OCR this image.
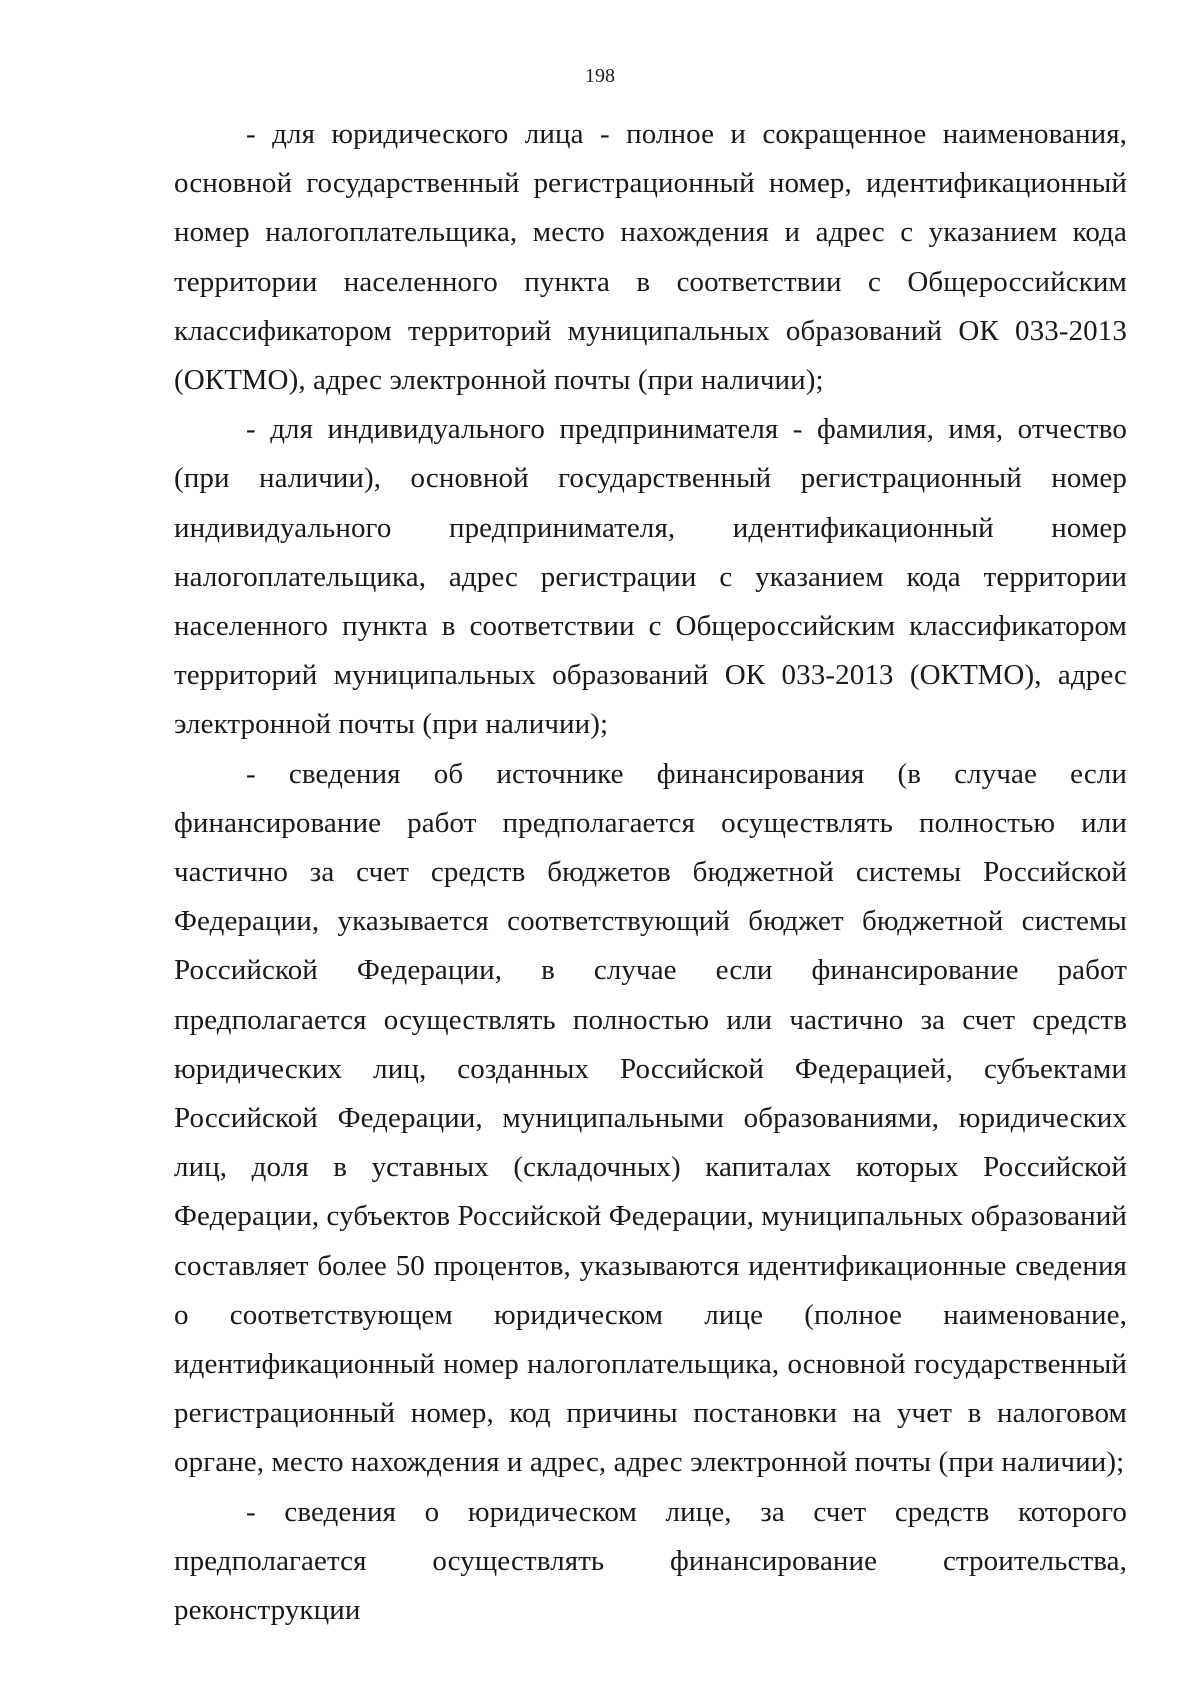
198

- для юридического лица - полное и сокращенное наименования, основной государственный регистрационный номер, идентификационный номер налогоплательщика, место нахождения и адрес с указанием кода территории населенного пункта в соответствии с Общероссийским классификатором территорий муниципальных образований ОК 033-2013 (ОКТМО), адрес электронной почты (при наличии);

- для индивидуального предпринимателя - фамилия, имя, отчество (при наличии), основной государственный регистрационный номер индивидуального предпринимателя, идентификационный номер налогоплательщика, адрес регистрации с указанием кода территории населенного пункта в соответствии с Общероссийским классификатором территорий муниципальных образований ОК 033-2013 (ОКТМО), адрес электронной почты (при наличии);

- сведения об источнике финансирования (в случае если финансирование работ предполагается осуществлять полностью или частично за счет средств бюджетов бюджетной системы Российской Федерации, указывается соответствующий бюджет бюджетной системы Российской Федерации, в случае если финансирование работ предполагается осуществлять полностью или частично за счет средств юридических лиц, созданных Российской Федерацией, субъектами Российской Федерации, муниципальными образованиями, юридических лиц, доля в уставных (складочных) капиталах которых Российской Федерации, субъектов Российской Федерации, муниципальных образований составляет более 50 процентов, указываются идентификационные сведения о соответствующем юридическом лице (полное наименование, идентификационный номер налогоплательщика, основной государственный регистрационный номер, код причины постановки на учет в налоговом органе, место нахождения и адрес, адрес электронной почты (при наличии);

- сведения о юридическом лице, за счет средств которого предполагается осуществлять финансирование строительства, реконструкции
